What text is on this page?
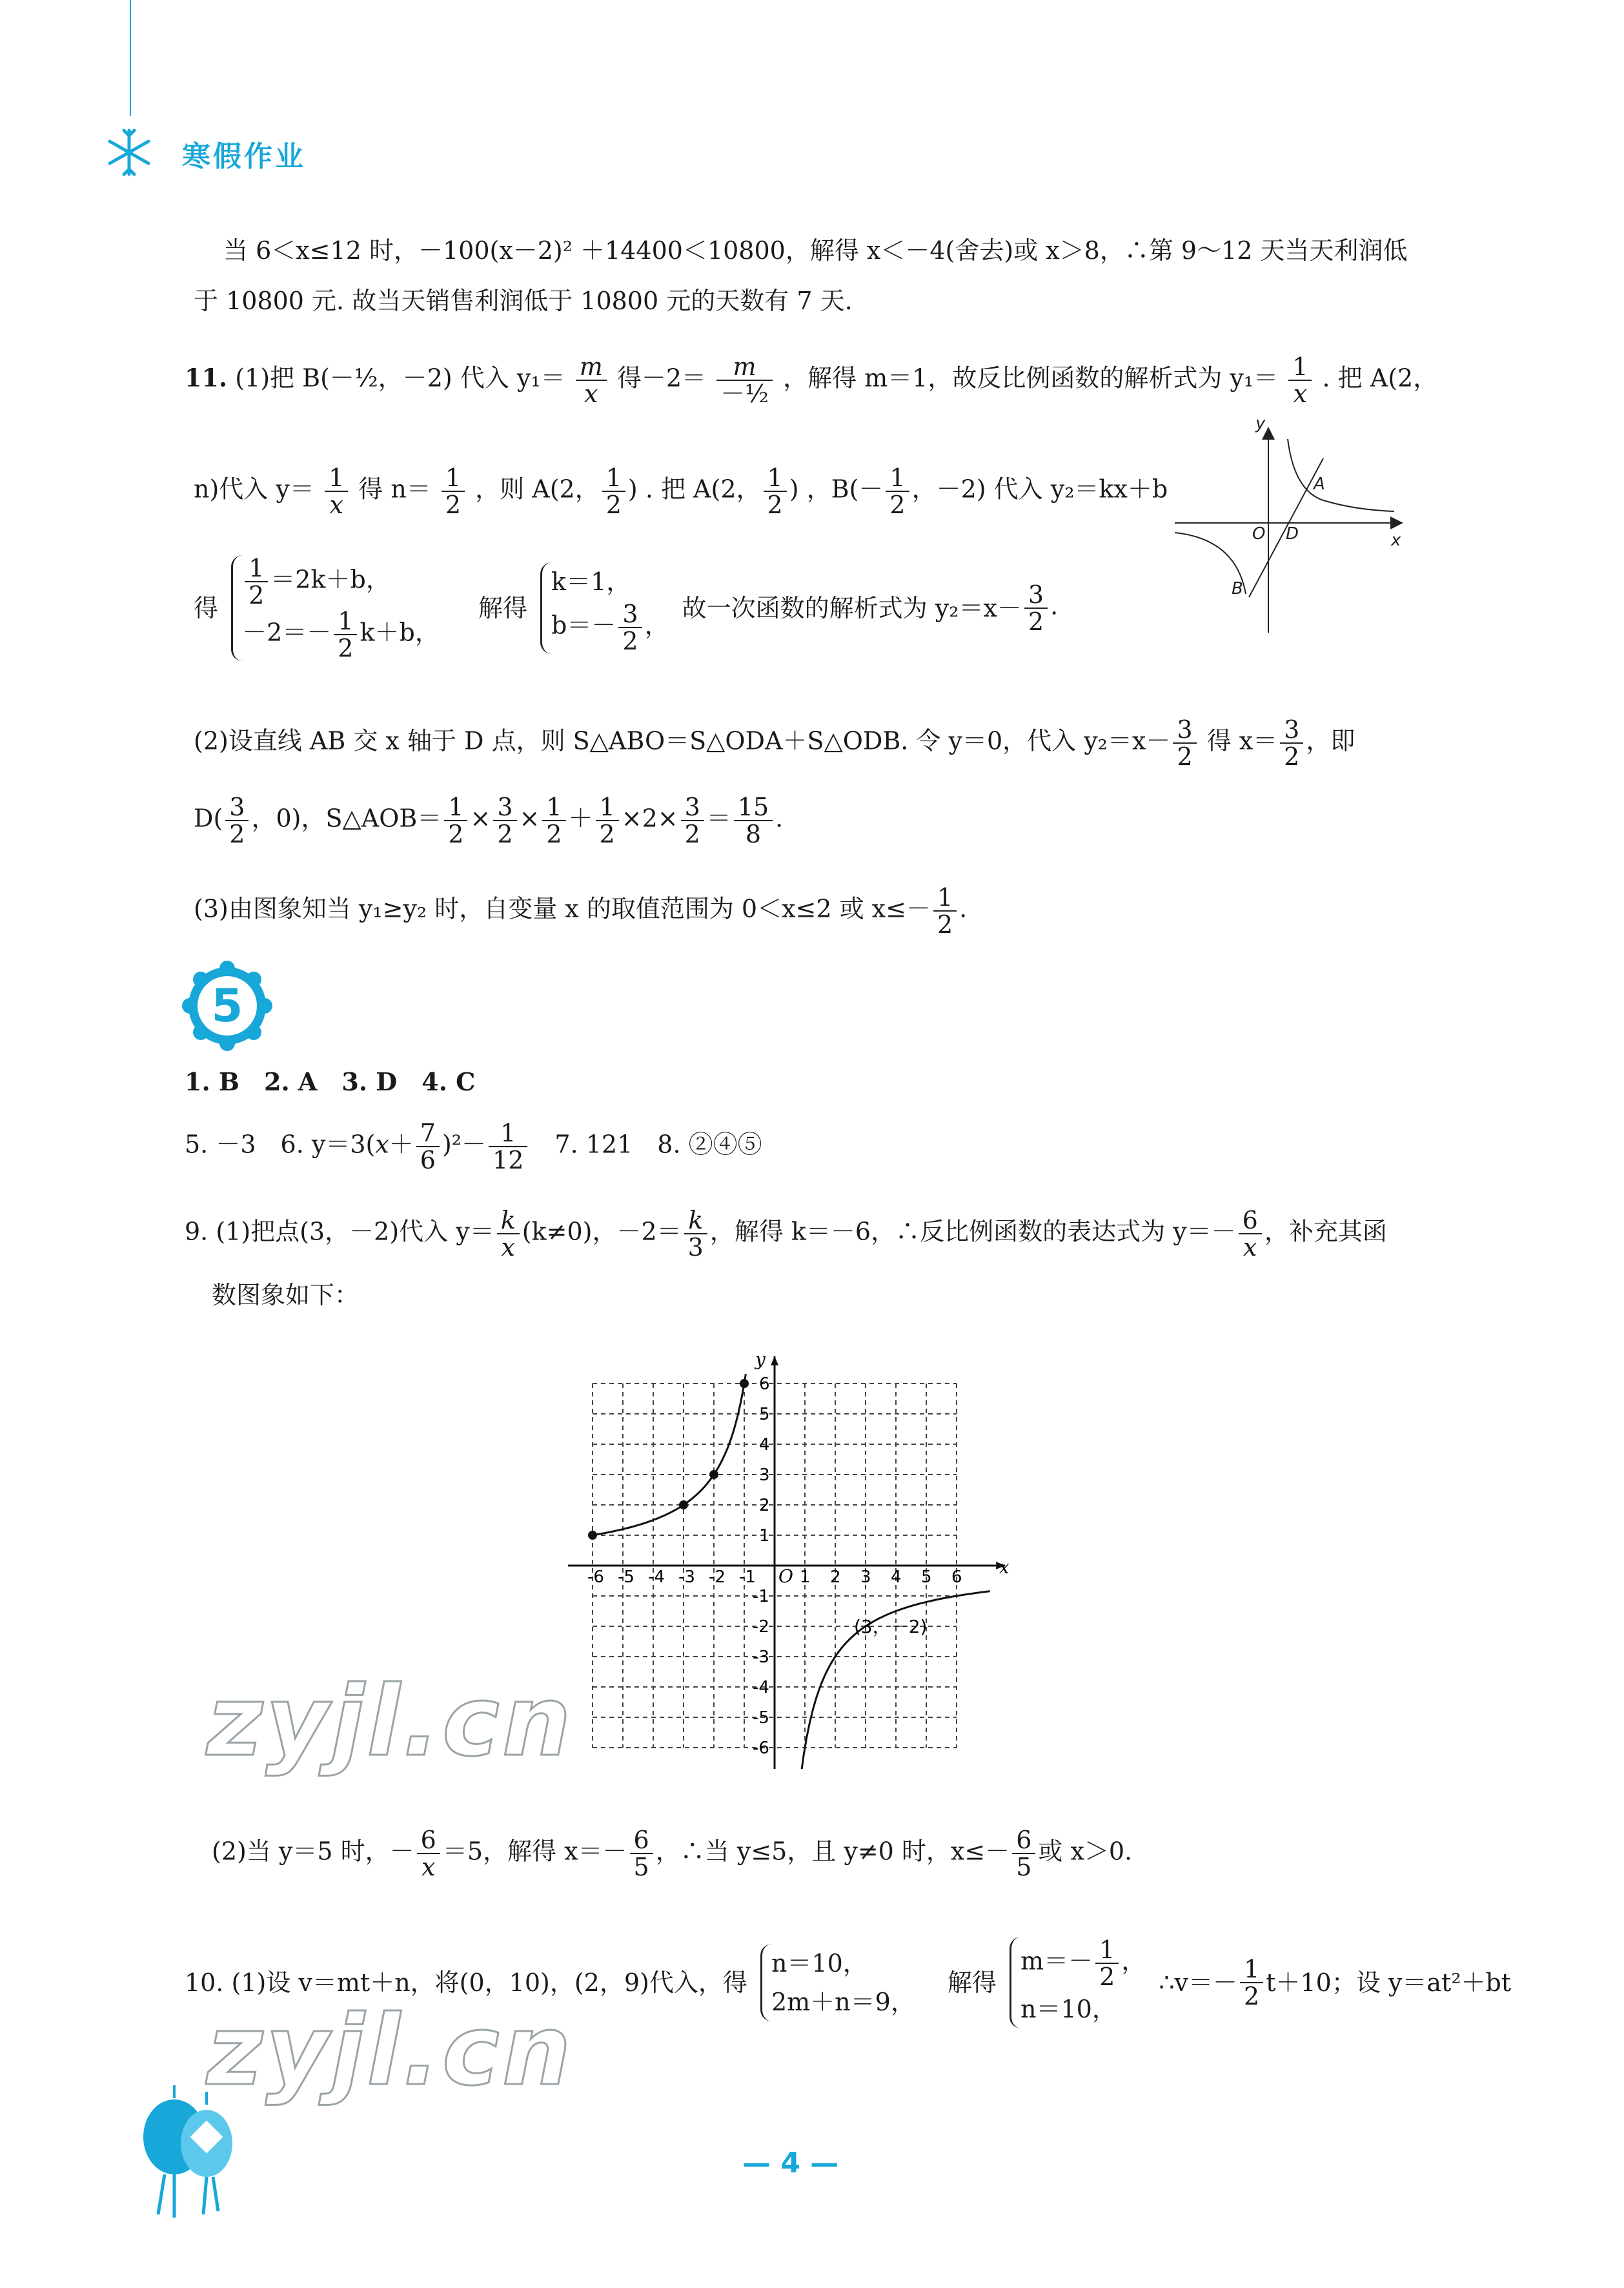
寒假作业
当 6＜x≤12 时，－100(x－2)² ＋14400＜10800，解得 x＜－4(舍去)或 x＞8，∴第 9～12 天当天利润低
于 10800 元. 故当天销售利润低于 10800 元的天数有 7 天.
11. (1)把 B(－½，－2) 代入 $y_1= \frac{m}{x}$ 得$-2= \frac{m}{\text{－½}}$ ，解得 m＝1，故反比例函数的解析式为 $y_1= \frac{1}{x}$ . 把 A(2，
n)代入 $y= \frac{1}{x}$ 得 $n= \frac{1}{2}$ ，则 A(2， $\frac{1}{2}$ ) . 把 A(2， $\frac{1}{2}$ ) ，$B(- \frac{1}{2}$ ，－2) 代入 y₂＝kx＋b
得 $\frac{1}{2} =2k+b$，
$-2=- \frac{1}{2} k+b$，
解得
k＝1，
$b=- \frac{3}{2}$ ，
故一次函数的解析式为 $y_2=x- \frac{3}{2}$ .
y
x
O D
A
B
(2)设直线 AB 交 x 轴于 D 点，则 S△ABO＝S△ODA＋S△ODB. 令 y＝0，代入 $y_2=x- \frac{3}{2}$ 得 $x= \frac{3}{2}$ ，即
$D( \frac{3}{2}$ ，0)，S△AOB＝ $\frac{1}{2} \times \frac{3}{2} \times \frac{1}{2} + \frac{1}{2} \times 2\times \frac{3}{2} = \frac{15}{8}$ .
(3)由图象知当 y₁≥y₂ 时，自变量 x 的取值范围为 0＜x≤2 或 $x\le- \frac{1}{2}$ .
5
1. B　2. A　3. D　4. C
5. －3　6. $y=3(x+ \frac{7}{6} )^2- \frac{1}{12}$ 　7. 121　8. ②④⑤
9. (1)把点(3，－2)代入 $y= \frac{k}{x} (k\ne 0)$，$-2= \frac{k}{3}$ ，解得 k＝－6，∴反比例函数的表达式为 $y=- \frac{6}{x}$ ，补充其函
数图象如下：
x
y
O
-6 -5 -4 -3 -2 -1	1 2 3 4 5 6
6
5
4
3
2
1
-1
-2
-3
-4
-5
-6
(3，－2)
zyjl.cn
zyjl.cn
(2)当 y＝5 时，－ $\frac{6}{x} =5$，解得 $x=- \frac{6}{5}$ ，∴当 y≤5，且 y≠0 时，$x\le- \frac{6}{5}$ 或 x＞0.
10. (1)设 v＝mt＋n，将(0，10)，(2，9)代入，得
n＝10，
2m＋n＝9，
解得
$m=- \frac{1}{2}$ ，
n＝10，
∴v＝－ $\frac{1}{2} t+10$；设 y＝at²＋bt
— 4 —
